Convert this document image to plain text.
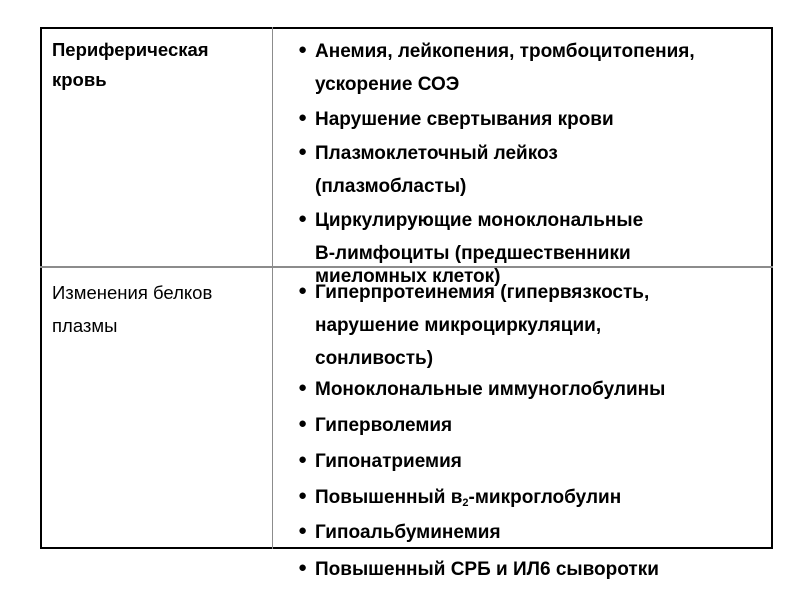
Периферическая
кровь
● Анемия, лейкопения, тромбоцитопения,
ускорение СОЭ
● Нарушение свертывания крови
● Плазмоклеточный лейкоз
(плазмобласты)
● Циркулирующие моноклональные
В-лимфоциты (предшественники
миеломных клеток)
Изменения белков
плазмы
● Гиперпротеинемия (гипервязкость,
нарушение микроциркуляции,
сонливость)
● Моноклональные иммуноглобулины
● Гиперволемия
● Гипонатриемия
● Повышенный $в_2$-микроглобулин
● Гипоальбуминемия
● Повышенный СРБ и ИЛ6 сыворотки
